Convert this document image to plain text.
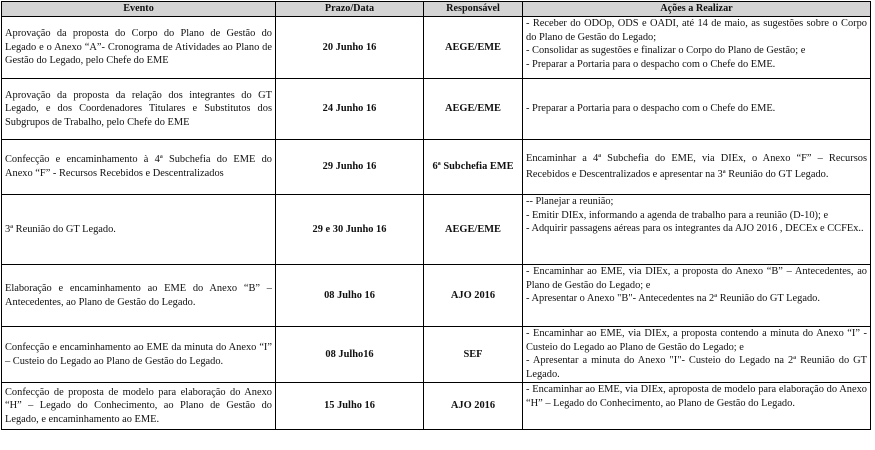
Evento	Prazo/Data	Responsável	Ações a Realizar
Aprovação da proposta do Corpo do Plano de Gestão do Legado e o Anexo “A”- Cronograma de Atividades ao Plano de Gestão do Legado, pelo Chefe do EME	20 Junho 16	AEGE/EME	- Receber do ODOp, ODS e OADI, até 14 de maio, as sugestões sobre o Corpo do Plano de Gestão do Legado;
- Consolidar as sugestões e finalizar o Corpo do Plano de Gestão; e
- Preparar a Portaria para o despacho com o Chefe do EME.

Aprovação da proposta da relação dos integrantes do GT Legado, e dos Coordenadores Titulares e Substitutos dos Subgrupos de Trabalho, pelo Chefe do EME	24 Junho 16	AEGE/EME	- Preparar a Portaria para o despacho com o Chefe do EME.

Confecção e encaminhamento à 4ª Subchefia do EME do Anexo “F” - Recursos Recebidos e Descentralizados	29 Junho 16	6ª Subchefia EME	Encaminhar a 4ª Subchefia do EME, via DIEx, o Anexo “F” – Recursos Recebidos e Descentralizados e apresentar na 3ª Reunião do GT Legado.

3ª Reunião do GT Legado.	29 e 30 Junho 16	AEGE/EME	-- Planejar a reunião;
- Emitir DIEx, informando a agenda de trabalho para a reunião (D-10); e
- Adquirir passagens aéreas para os integrantes da AJO 2016 , DECEx e CCFEx..

Elaboração e encaminhamento ao EME do Anexo “B” – Antecedentes, ao Plano de Gestão do Legado.	08 Julho 16	AJO 2016	- Encaminhar ao EME, via DIEx, a proposta do Anexo “B” – Antecedentes, ao Plano de Gestão do Legado; e
- Apresentar o Anexo "B"- Antecedentes na 2ª Reunião do GT Legado.

Confecção e encaminhamento ao EME da minuta do Anexo “I” – Custeio do Legado ao Plano de Gestão do Legado.	08 Julho16	SEF	- Encaminhar ao EME, via DIEx, a proposta contendo a minuta do Anexo “I” - Custeio do Legado ao Plano de Gestão do Legado; e
- Apresentar a minuta do Anexo "I"- Custeio do Legado na 2ª Reunião do GT Legado.

Confecção de proposta de modelo para elaboração do Anexo “H” – Legado do Conhecimento, ao Plano de Gestão do Legado, e encaminhamento ao EME.	15 Julho 16	AJO 2016	- Encaminhar ao EME, via DIEx, aproposta de modelo para elaboração do Anexo “H” – Legado do Conhecimento, ao Plano de Gestão do Legado.
